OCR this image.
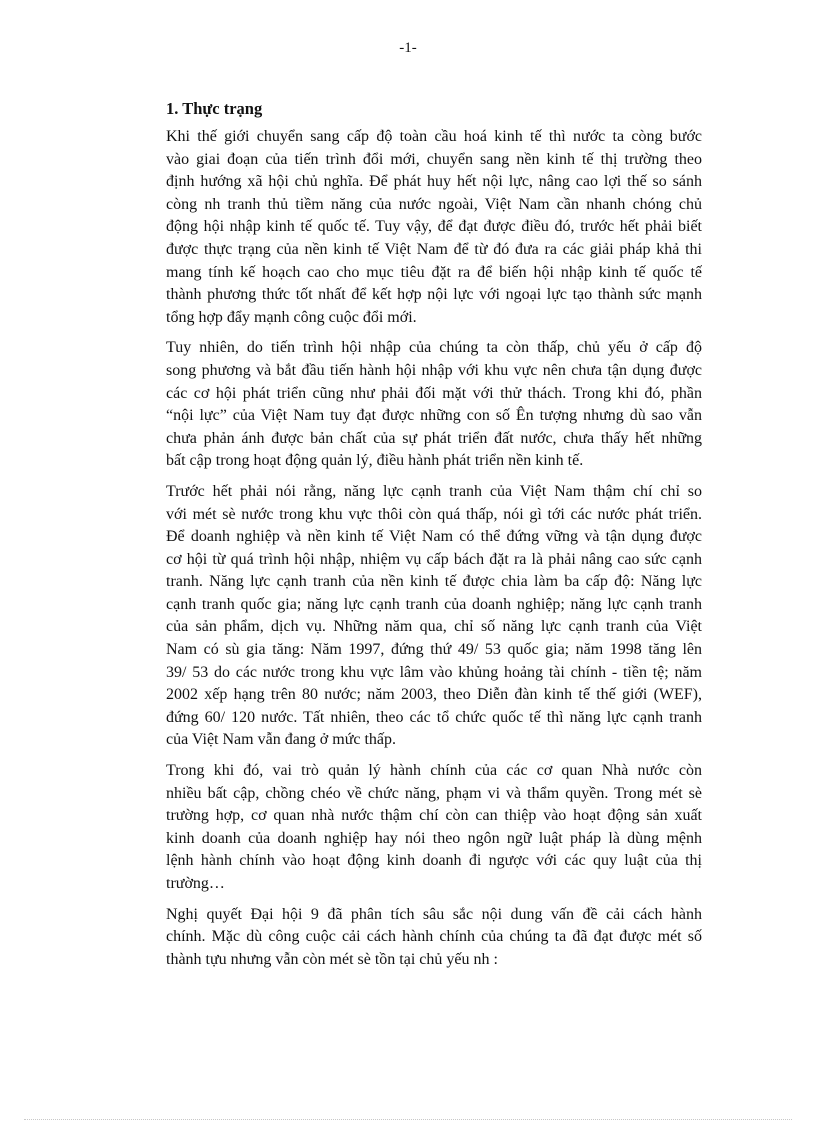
-1-
1. Thực trạng
Khi thế giới chuyển sang cấp độ toàn cầu hoá kinh tế thì nước ta còng bước
vào giai đoạn của tiến trình đổi mới, chuyển sang nền kinh tế thị trường theo
định hướng xã hội chủ nghĩa. Để phát huy hết nội lực, nâng cao lợi thế so sánh
còng nh tranh thủ tiềm năng của nước ngoài, Việt Nam cần nhanh chóng chủ
động hội nhập kinh tế quốc tế. Tuy vậy, để đạt được điều đó, trước hết phải biết
được thực trạng của nền kinh tế Việt Nam để từ đó đưa ra các giải pháp khả thi
mang tính kế hoạch cao cho mục tiêu đặt ra để biến hội nhập kinh tế quốc tế
thành phương thức tốt nhất để kết hợp nội lực với ngoại lực tạo thành sức mạnh
tổng hợp đẩy mạnh công cuộc đổi mới.
Tuy nhiên, do tiến trình hội nhập của chúng ta còn thấp, chủ yếu ở cấp độ
song phương và bắt đầu tiến hành hội nhập với khu vực nên chưa tận dụng được
các cơ hội phát triển cũng như phải đối mặt với thử thách. Trong khi đó, phần
“nội lực” của Việt Nam tuy đạt được những con số Ên tượng nhưng dù sao vẫn
chưa phản ánh được bản chất của sự phát triển đất nước, chưa thấy hết những
bất cập trong hoạt động quản lý, điều hành phát triển nền kinh tế.
Trước hết phải nói rằng, năng lực cạnh tranh của Việt Nam thậm chí chỉ so
với mét sè nước trong khu vực thôi còn quá thấp, nói gì tới các nước phát triển.
Để doanh nghiệp và nền kinh tế Việt Nam có thể đứng vững và tận dụng được
cơ hội từ quá trình hội nhập, nhiệm vụ cấp bách đặt ra là phải nâng cao sức cạnh
tranh. Năng lực cạnh tranh của nền kinh tế được chia làm ba cấp độ: Năng lực
cạnh tranh quốc gia; năng lực cạnh tranh của doanh nghiệp; năng lực cạnh tranh
của sản phẩm, dịch vụ. Những năm qua, chỉ số năng lực cạnh tranh của Việt
Nam có sù gia tăng: Năm 1997, đứng thứ 49/ 53 quốc gia; năm 1998 tăng lên
39/ 53 do các nước trong khu vực lâm vào khủng hoảng tài chính - tiền tệ; năm
2002 xếp hạng trên 80 nước; năm 2003, theo Diễn đàn kinh tế thế giới (WEF),
đứng 60/ 120 nước. Tất nhiên, theo các tổ chức quốc tế thì năng lực cạnh tranh
của Việt Nam vẫn đang ở mức thấp.
Trong khi đó, vai trò quản lý hành chính của các cơ quan Nhà nước còn
nhiều bất cập, chồng chéo về chức năng, phạm vi và thẩm quyền. Trong mét sè
trường hợp, cơ quan nhà nước thậm chí còn can thiệp vào hoạt động sản xuất
kinh doanh của doanh nghiệp hay nói theo ngôn ngữ luật pháp là dùng mệnh
lệnh hành chính vào hoạt động kinh doanh đi ngược với các quy luật của thị
trường…
Nghị quyết Đại hội 9 đã phân tích sâu sắc nội dung vấn đề cải cách hành
chính. Mặc dù công cuộc cải cách hành chính của chúng ta đã đạt được mét số
thành tựu nhưng vẫn còn mét sè tồn tại chủ yếu nh :
